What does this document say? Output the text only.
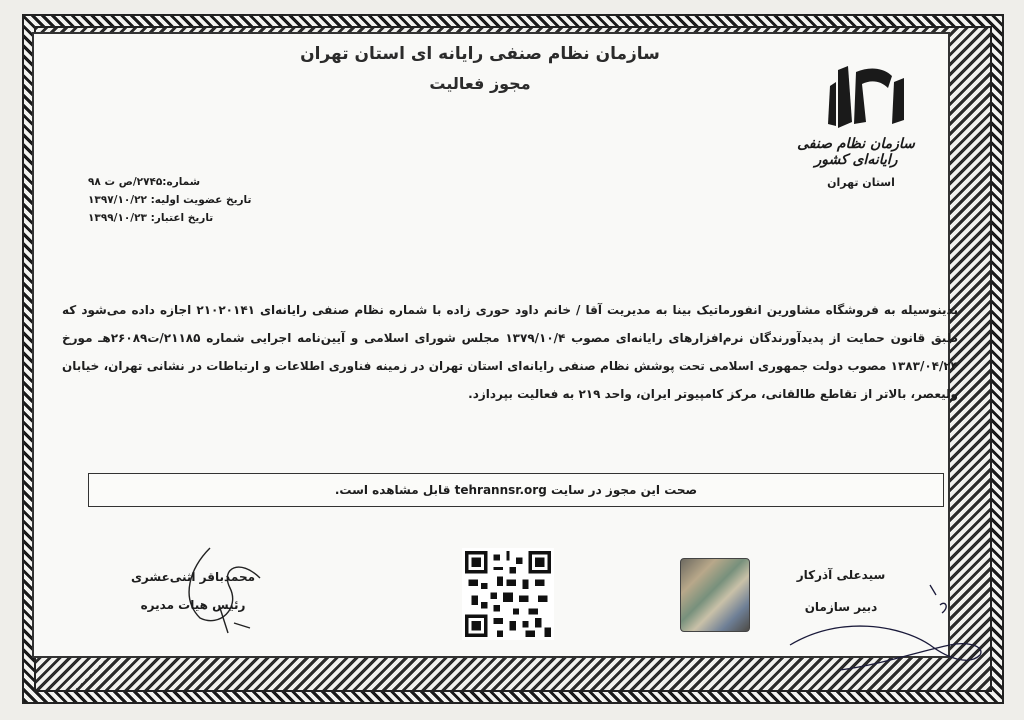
سازمان نظام صنفی رایانه ای استان تهران
مجوز فعالیت
سازمان نظام صنفی رایانه‌ای کشور
استان تهران
شماره:۲۷۴۵/ص ت ۹۸
تاریخ عضویت اولیه: ۱۳۹۷/۱۰/۲۲
تاریخ اعتبار: ۱۳۹۹/۱۰/۲۳
بدینوسیله به فروشگاه مشاورین انفورماتیک بینا به مدیریت آقا / خانم داود حوری زاده با شماره نظام صنفی رایانه‌ای ۲۱۰۲۰۱۴۱ اجازه داده می‌شود که طبق قانون حمایت از پدیدآورندگان نرم‌افزارهای رایانه‌ای مصوب ۱۳۷۹/۱۰/۴ مجلس شورای اسلامی و آیین‌نامه اجرایی شماره ۲۱۱۸۵/ت۲۶۰۸۹هـ مورخ ۱۳۸۳/۰۴/۲۴ مصوب دولت جمهوری اسلامی تحت پوشش نظام صنفی رایانه‌ای استان تهران در زمینه فناوری اطلاعات و ارتباطات در نشانی تهران، خیابان ولیعصر، بالاتر از تقاطع طالقانی، مرکز کامپیوتر ایران، واحد ۲۱۹ به فعالیت بپردازد.
صحت این مجوز در سایت tehrannsr.org قابل مشاهده است.
محمدباقر اثنی‌عشری
رئیس هیات مدیره
سیدعلی آذرکار
دبیر سازمان
